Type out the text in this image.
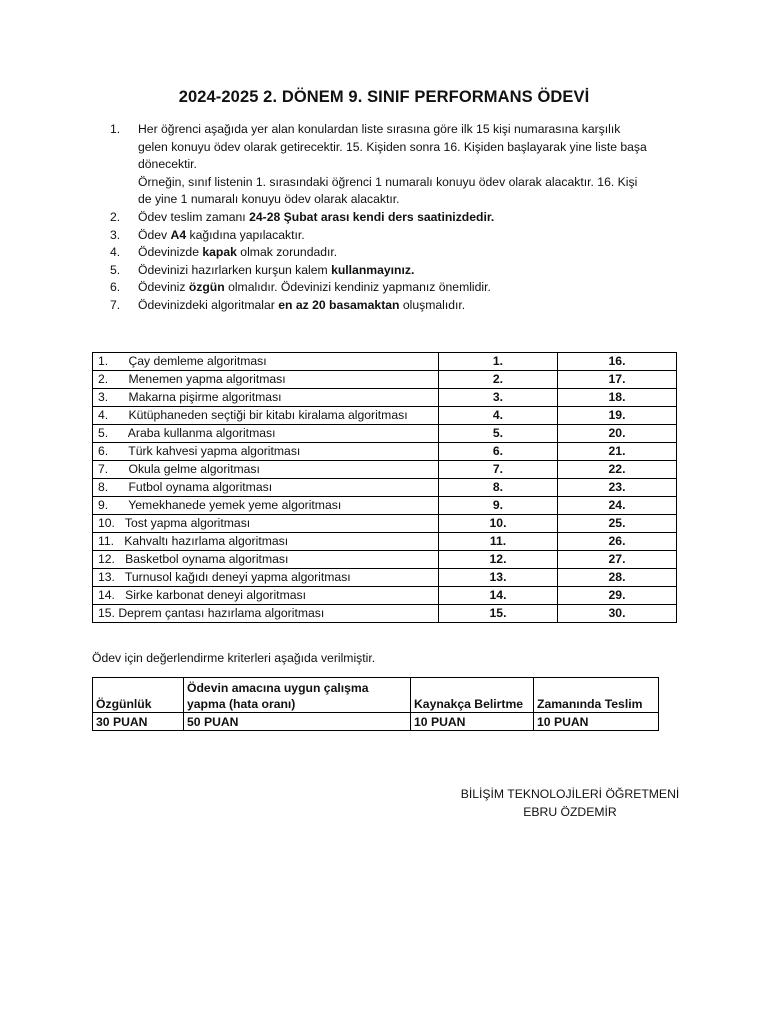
2024-2025 2. DÖNEM 9. SINIF PERFORMANS ÖDEVİ
1. Her öğrenci aşağıda yer alan konulardan liste sırasına göre ilk 15 kişi numarasına karşılık
gelen konuyu ödev olarak getirecektir. 15. Kişiden sonra 16. Kişiden başlayarak yine liste başa
dönecektir.
Örneğin, sınıf listenin 1. sırasındaki öğrenci 1 numaralı konuyu ödev olarak alacaktır. 16. Kişi
de yine 1 numaralı konuyu ödev olarak alacaktır.
2. Ödev teslim zamanı 24-28 Şubat arası kendi ders saatinizdedir.
3. Ödev A4 kağıdına yapılacaktır.
4. Ödevinizde kapak olmak zorundadır.
5. Ödevinizi hazırlarken kurşun kalem kullanmayınız.
6. Ödeviniz özgün olmalıdır. Ödevinizi kendiniz yapmanız önemlidir.
7. Ödevinizdeki algoritmalar en az 20 basamaktan oluşmalıdır.
1.      Çay demleme algoritması	1.	16.
2.      Menemen yapma algoritması	2.	17.
3.      Makarna pişirme algoritması	3.	18.
4.      Kütüphaneden seçtiği bir kitabı kiralama algoritması	4.	19.
5.      Araba kullanma algoritması	5.	20.
6.      Türk kahvesi yapma algoritması	6.	21.
7.      Okula gelme algoritması	7.	22.
8.      Futbol oynama algoritması	8.	23.
9.      Yemekhanede yemek yeme algoritması	9.	24.
10.   Tost yapma algoritması	10.	25.
11.   Kahvaltı hazırlama algoritması	11.	26.
12.   Basketbol oynama algoritması	12.	27.
13.   Turnusol kağıdı deneyi yapma algoritması	13.	28.
14.   Sirke karbonat deneyi algoritması	14.	29.
15. Deprem çantası hazırlama algoritması	15.	30.
Ödev için değerlendirme kriterleri aşağıda verilmiştir.
Özgünlük	Ödevin amacına uygun çalışma yapma (hata oranı)	Kaynakça Belirtme	Zamanında Teslim
30 PUAN	50 PUAN	10 PUAN	10 PUAN
BİLİŞİM TEKNOLOJİLERİ ÖĞRETMENİ
EBRU ÖZDEMİR
